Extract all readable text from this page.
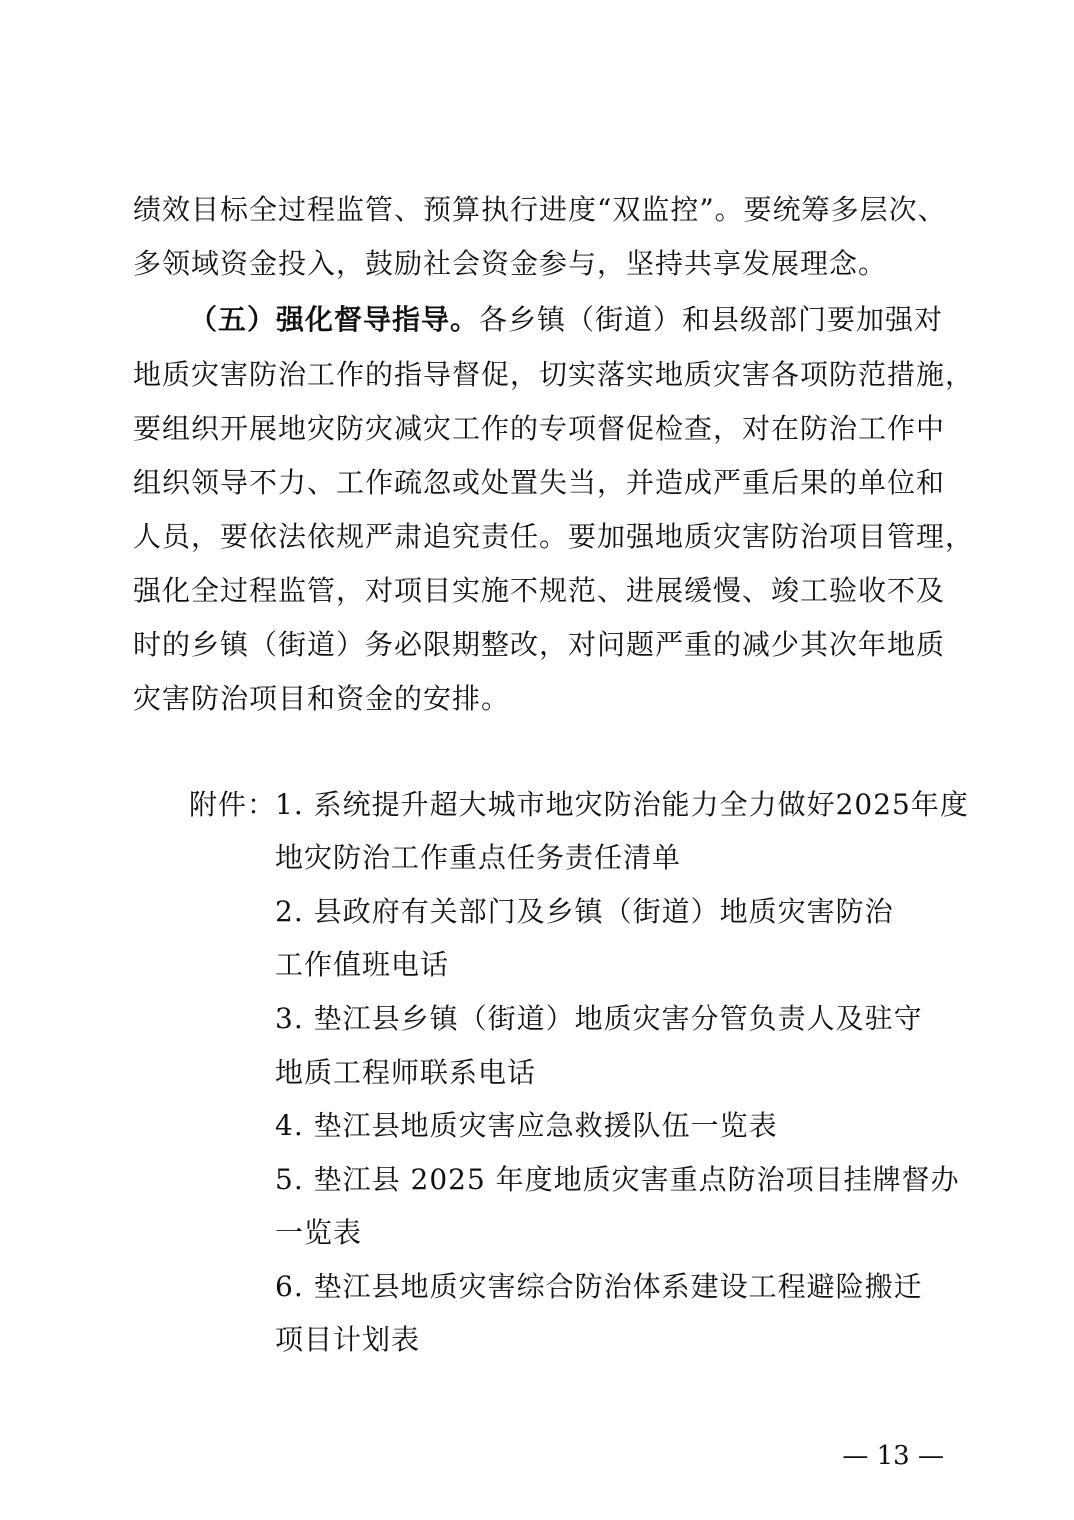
绩效目标全过程监管、预算执行进度“双监控”。要统筹多层次、
多领域资金投入，鼓励社会资金参与，坚持共享发展理念。
（五）强化督导指导。各乡镇（街道）和县级部门要加强对
地质灾害防治工作的指导督促，切实落实地质灾害各项防范措施，
要组织开展地灾防灾减灾工作的专项督促检查，对在防治工作中
组织领导不力、工作疏忽或处置失当，并造成严重后果的单位和
人员，要依法依规严肃追究责任。要加强地质灾害防治项目管理，
强化全过程监管，对项目实施不规范、进展缓慢、竣工验收不及
时的乡镇（街道）务必限期整改，对问题严重的减少其次年地质
灾害防治项目和资金的安排。
附件：
1. 系统提升超大城市地灾防治能力全力做好2025年度
地灾防治工作重点任务责任清单
2. 县政府有关部门及乡镇（街道）地质灾害防治
工作值班电话
3. 垫江县乡镇（街道）地质灾害分管负责人及驻守
地质工程师联系电话
4. 垫江县地质灾害应急救援队伍一览表
5. 垫江县 2025 年度地质灾害重点防治项目挂牌督办
一览表
6. 垫江县地质灾害综合防治体系建设工程避险搬迁
项目计划表
— 13 —
